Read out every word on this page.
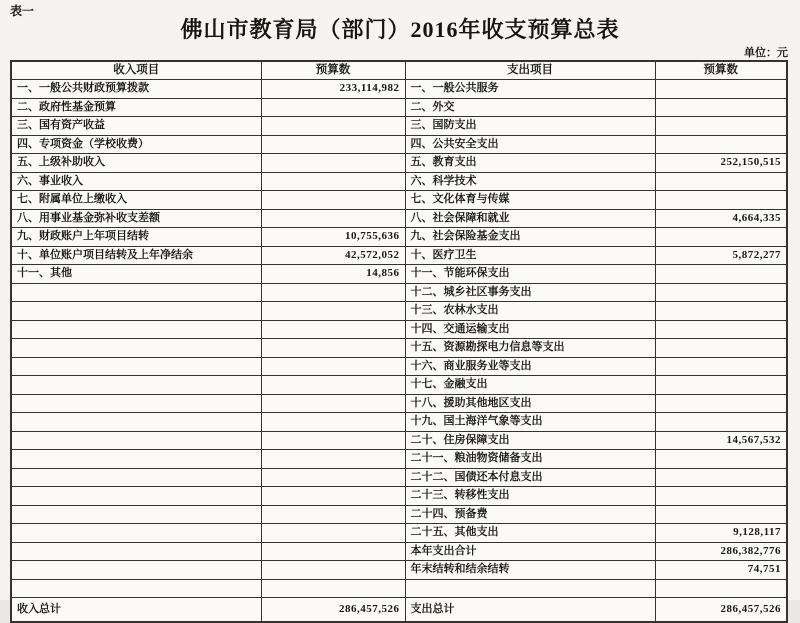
表一
佛山市教育局（部门）2016年收支预算总表
单位：元
收入项目	预算数	支出项目	预算数
一、一般公共财政预算拨款	233,114,982	一、一般公共服务	
二、政府性基金预算		二、外交	
三、国有资产收益		三、国防支出	
四、专项资金（学校收费）		四、公共安全支出	
五、上级补助收入		五、教育支出	252,150,515
六、事业收入		六、科学技术	
七、附属单位上缴收入		七、文化体育与传媒	
八、用事业基金弥补收支差额		八、社会保障和就业	4,664,335
九、财政账户上年项目结转	10,755,636	九、社会保险基金支出	
十、单位账户项目结转及上年净结余	42,572,052	十、医疗卫生	5,872,277
十一、其他	14,856	十一、节能环保支出	
		十二、城乡社区事务支出	
		十三、农林水支出	
		十四、交通运输支出	
		十五、资源勘探电力信息等支出	
		十六、商业服务业等支出	
		十七、金融支出	
		十八、援助其他地区支出	
		十九、国土海洋气象等支出	
		二十、住房保障支出	14,567,532
		二十一、粮油物资储备支出	
		二十二、国债还本付息支出	
		二十三、转移性支出	
		二十四、预备费	
		二十五、其他支出	9,128,117
		本年支出合计	286,382,776
		年末结转和结余结转	74,751

收入总计	286,457,526	支出总计	286,457,526
